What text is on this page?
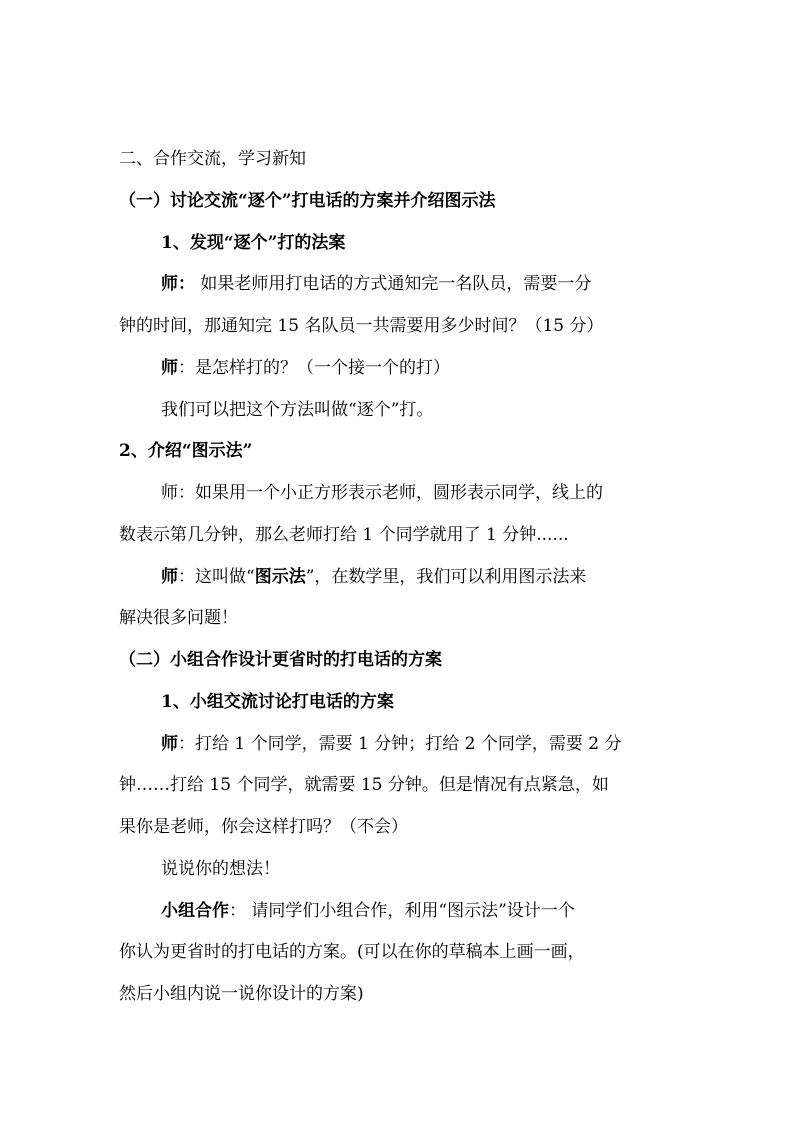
二、合作交流，学习新知
（一）讨论交流“逐个”打电话的方案并介绍图示法
1、发现“逐个”打的法案
师： 如果老师用打电话的方式通知完一名队员，需要一分
钟的时间，那通知完 15 名队员一共需要用多少时间？（15 分）
师：是怎样打的？（一个接一个的打）
我们可以把这个方法叫做“逐个”打。
2、介绍“图示法”
师：如果用一个小正方形表示老师，圆形表示同学，线上的
数表示第几分钟，那么老师打给 1 个同学就用了 1 分钟......
师：这叫做“图示法”，在数学里，我们可以利用图示法来
解决很多问题！
（二）小组合作设计更省时的打电话的方案
1、小组交流讨论打电话的方案
师：打给 1 个同学，需要 1 分钟；打给 2 个同学，需要 2 分
钟……打给 15 个同学，就需要 15 分钟。但是情况有点紧急，如
果你是老师，你会这样打吗？（不会）
说说你的想法！
小组合作： 请同学们小组合作，利用“图示法”设计一个
你认为更省时的打电话的方案。(可以在你的草稿本上画一画，
然后小组内说一说你设计的方案)
